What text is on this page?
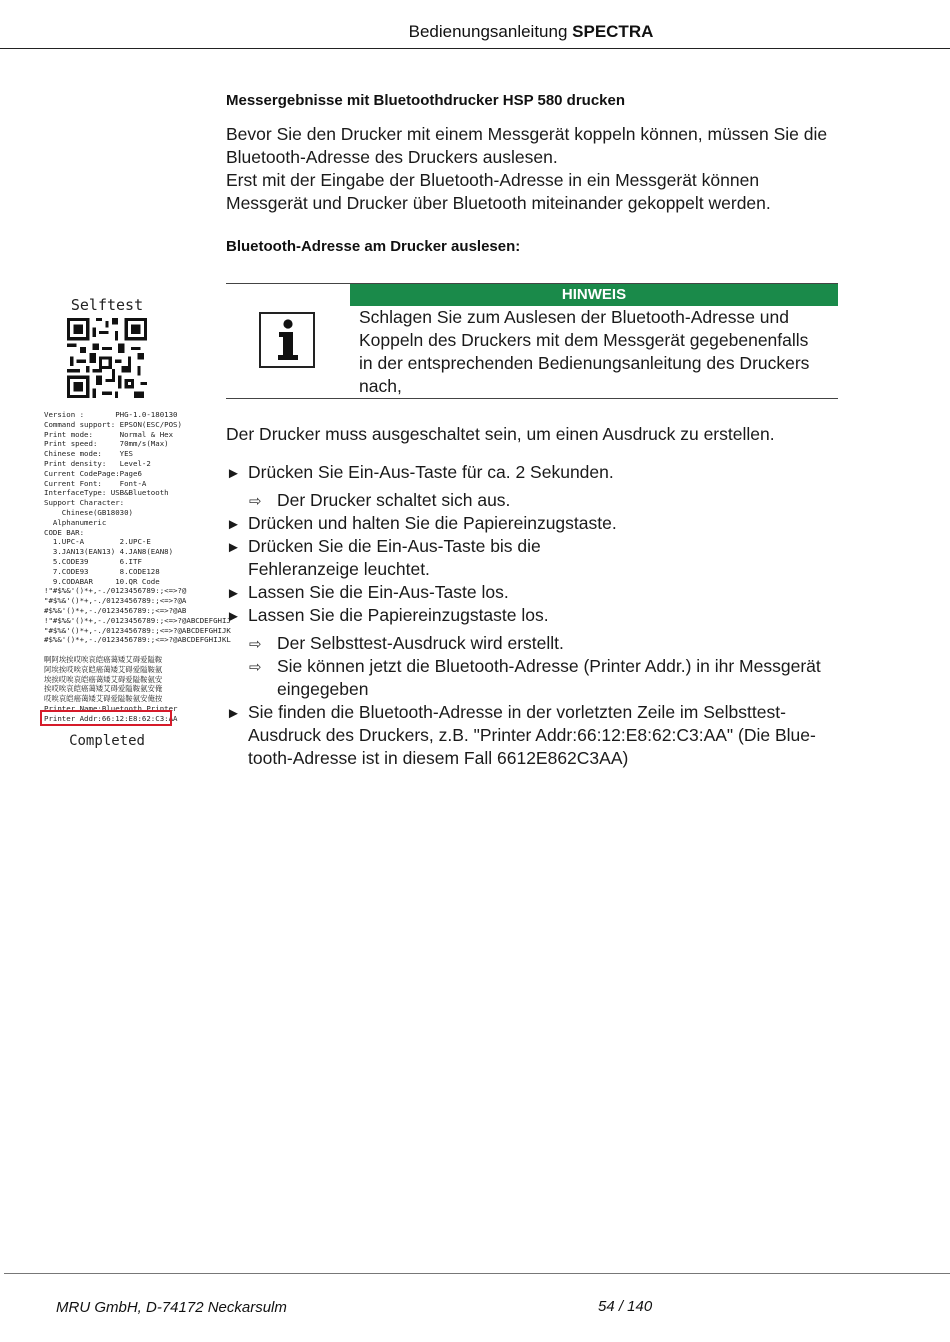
Bedienungsanleitung SPECTRA
Messergebnisse mit Bluetoothdrucker HSP 580 drucken
Bevor Sie den Drucker mit einem Messgerät koppeln können, müssen Sie die
Bluetooth-Adresse des Druckers auslesen.
Erst mit der Eingabe der Bluetooth-Adresse in ein Messgerät können
Messgerät und Drucker über Bluetooth miteinander gekoppelt werden.
Bluetooth-Adresse am Drucker auslesen:
HINWEIS
Schlagen Sie zum Auslesen der Bluetooth-Adresse und
Koppeln des Druckers mit dem Messgerät gegebenenfalls
in der entsprechenden Bedienungsanleitung des Druckers
nach,
Der Drucker muss ausgeschaltet sein, um einen Ausdruck zu erstellen.
► Drücken Sie Ein-Aus-Taste für ca. 2 Sekunden.
⇨ Der Drucker schaltet sich aus.
► Drücken und halten Sie die Papiereinzugstaste.
► Drücken Sie die Ein-Aus-Taste bis die
Fehleranzeige leuchtet.
► Lassen Sie die Ein-Aus-Taste los.
► Lassen Sie die Papiereinzugstaste los.
⇨ Der Selbsttest-Ausdruck wird erstellt.
⇨ Sie können jetzt die Bluetooth-Adresse (Printer Addr.) in ihr Messgerät
eingegeben
► Sie finden die Bluetooth-Adresse in der vorletzten Zeile im Selbsttest-
Ausdruck des Druckers, z.B. "Printer Addr:66:12:E8:62:C3:AA" (Die Blue-
tooth-Adresse ist in diesem Fall 6612E862C3AA)
Selftest
Version :       PHG-1.0-180130
Command support: EPSON(ESC/POS)
Print mode:      Normal & Hex
Print speed:     70mm/s(Max)
Chinese mode:    YES
Print density:   Level-2
Current CodePage:Page6
Current Font:    Font-A
InterfaceType: USB&Bluetooth
Support Character:
Chinese(GB18030)
Alphanumeric
CODE BAR:
1.UPC-A        2.UPC-E
3.JAN13(EAN13) 4.JAN8(EAN8)
5.CODE39       6.ITF
7.CODE93       8.CODE128
9.CODABAR     10.QR Code
!"#$%&'()*+,-./0123456789:;<=>?@
"#$%&'()*+,-./0123456789:;<=>?@A
#$%&'()*+,-./0123456789:;<=>?@AB
!"#$%&'()*+,-./0123456789:;<=>?@ABCDEFGHIJ
"#$%&'()*+,-./0123456789:;<=>?@ABCDEFGHIJK
#$%&'()*+,-./0123456789:;<=>?@ABCDEFGHIJKL

啊阿埃挨哎唉哀皑癌蔼矮艾碍爱隘鞍
阿埃挨哎唉哀皑癌蔼矮艾碍爱隘鞍氨
埃挨哎唉哀皑癌蔼矮艾碍爱隘鞍氨安
挨哎唉哀皑癌蔼矮艾碍爱隘鞍氨安俺
哎唉哀皑癌蔼矮艾碍爱隘鞍氨安俺按
Printer Name:Bluetooth Printer
Printer Addr:66:12:E8:62:C3:AA
Completed
MRU GmbH, D-74172 Neckarsulm	54 / 140
